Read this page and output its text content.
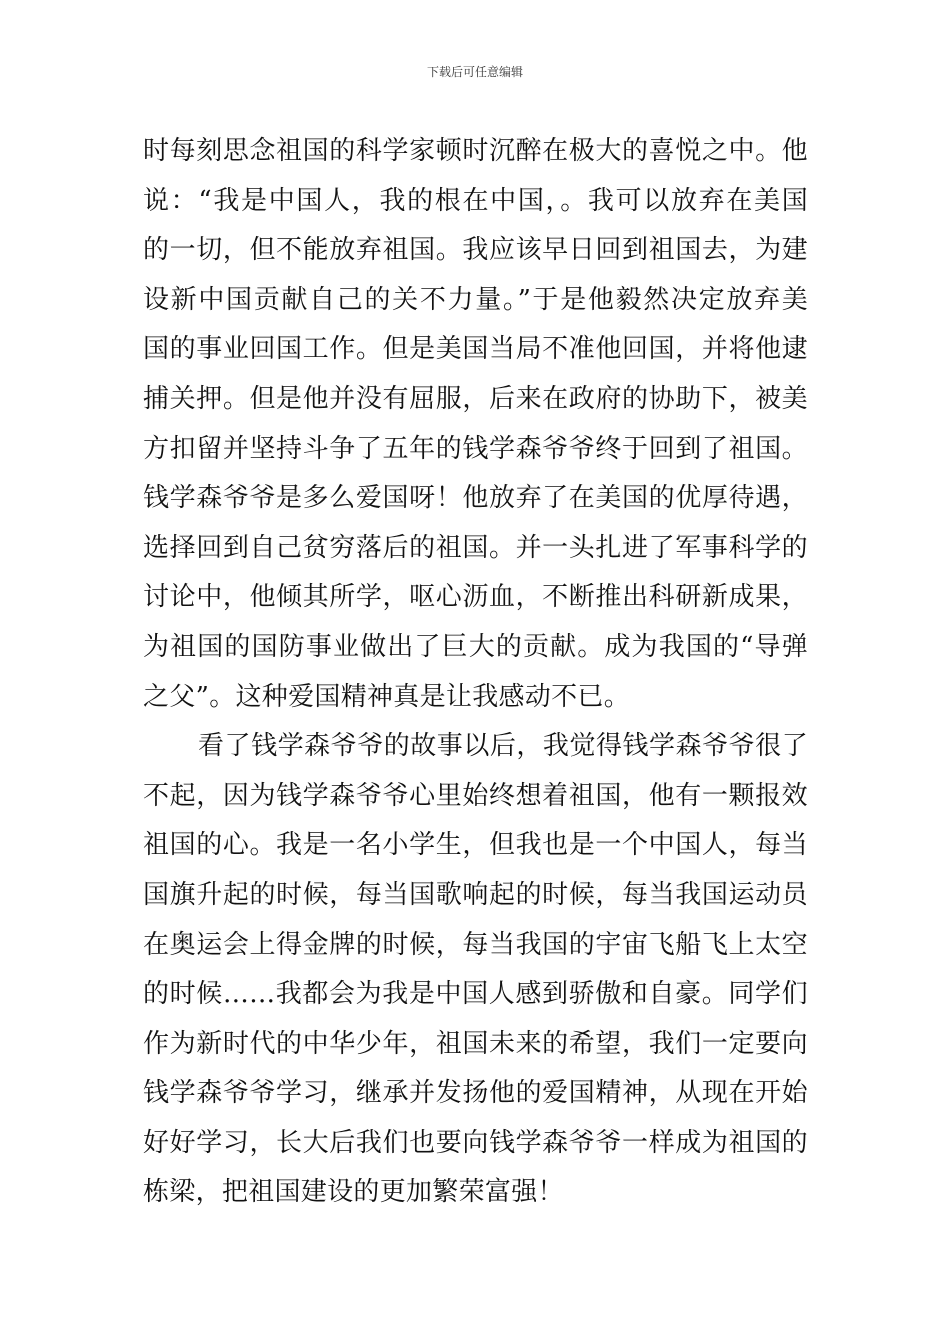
下载后可任意编辑
时每刻思念祖国的科学家顿时沉醉在极大的喜悦之中。他
说：“我是中国人，我的根在中国，。我可以放弃在美国
的一切，但不能放弃祖国。我应该早日回到祖国去，为建
设新中国贡献自己的关不力量。”于是他毅然决定放弃美
国的事业回国工作。但是美国当局不准他回国，并将他逮
捕关押。但是他并没有屈服，后来在政府的协助下，被美
方扣留并坚持斗争了五年的钱学森爷爷终于回到了祖国。
钱学森爷爷是多么爱国呀！他放弃了在美国的优厚待遇，
选择回到自己贫穷落后的祖国。并一头扎进了军事科学的
讨论中，他倾其所学，呕心沥血，不断推出科研新成果，
为祖国的国防事业做出了巨大的贡献。成为我国的“导弹
之父”。这种爱国精神真是让我感动不已。
看了钱学森爷爷的故事以后，我觉得钱学森爷爷很了
不起，因为钱学森爷爷心里始终想着祖国，他有一颗报效
祖国的心。我是一名小学生，但我也是一个中国人，每当
国旗升起的时候，每当国歌响起的时候，每当我国运动员
在奥运会上得金牌的时候，每当我国的宇宙飞船飞上太空
的时候……我都会为我是中国人感到骄傲和自豪。同学们
作为新时代的中华少年，祖国未来的希望，我们一定要向
钱学森爷爷学习，继承并发扬他的爱国精神，从现在开始
好好学习，长大后我们也要向钱学森爷爷一样成为祖国的
栋梁，把祖国建设的更加繁荣富强！
